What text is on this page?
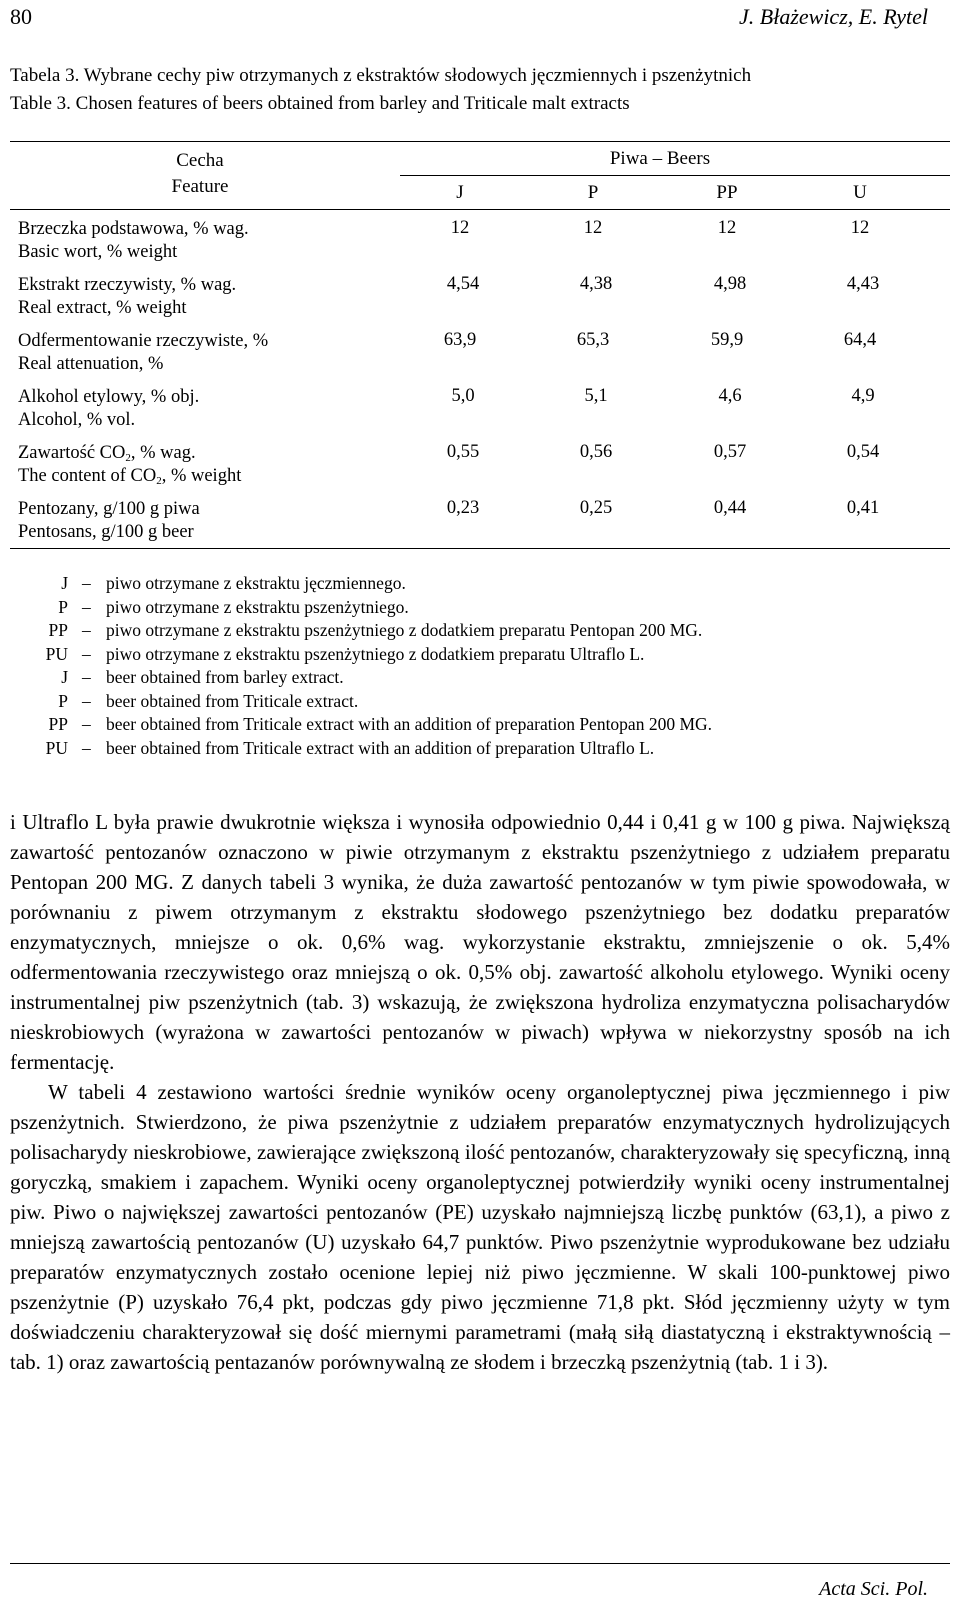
80	J. Błażewicz, E. Rytel
Tabela 3. Wybrane cechy piw otrzymanych z ekstraktów słodowych jęczmiennych i pszenżytnich
Table 3. Chosen features of beers obtained from barley and Triticale malt extracts
Cecha
Feature
Piwa – Beers
J	P	PP	U
Brzeczka podstawowa, % wag.
Basic wort, % weight
12	12	12	12
Ekstrakt rzeczywisty, % wag.
Real extract, % weight
4,54	4,38	4,98	4,43
Odfermentowanie rzeczywiste, %
Real attenuation, %
63,9	65,3	59,9	64,4
Alkohol etylowy, % obj.
Alcohol, % vol.
5,0	5,1	4,6	4,9
Zawartość $CO_2$, % wag.
The content of $CO_2$, % weight
0,55	0,56	0,57	0,54
Pentozany, g/100 g piwa
Pentosans, g/100 g beer
0,23	0,25	0,44	0,41
J – piwo otrzymane z ekstraktu jęczmiennego.
P – piwo otrzymane z ekstraktu pszenżytniego.
PP – piwo otrzymane z ekstraktu pszenżytniego z dodatkiem preparatu Pentopan 200 MG.
PU – piwo otrzymane z ekstraktu pszenżytniego z dodatkiem preparatu Ultraflo L.
J – beer obtained from barley extract.
P – beer obtained from Triticale extract.
PP – beer obtained from Triticale extract with an addition of preparation Pentopan 200 MG.
PU – beer obtained from Triticale extract with an addition of preparation Ultraflo L.

i Ultraflo L była prawie dwukrotnie większa i wynosiła odpowiednio 0,44 i 0,41 g w 100 g piwa. Największą zawartość pentozanów oznaczono w piwie otrzymanym z ekstraktu pszenżytniego z udziałem preparatu Pentopan 200 MG. Z danych tabeli 3 wynika, że duża zawartość pentozanów w tym piwie spowodowała, w porównaniu z piwem otrzymanym z ekstraktu słodowego pszenżytniego bez dodatku preparatów enzymatycznych, mniejsze o ok. 0,6% wag. wykorzystanie ekstraktu, zmniejszenie o ok. 5,4% odfermentowania rzeczywistego oraz mniejszą o ok. 0,5% obj. zawartość alkoholu etylowego. Wyniki oceny instrumentalnej piw pszenżytnich (tab. 3) wskazują, że zwiększona hydroliza enzymatyczna polisacharydów nieskrobiowych (wyrażona w zawartości pentozanów w piwach) wpływa w niekorzystny sposób na ich fermentację.

W tabeli 4 zestawiono wartości średnie wyników oceny organoleptycznej piwa jęczmiennego i piw pszenżytnich. Stwierdzono, że piwa pszenżytnie z udziałem preparatów enzymatycznych hydrolizujących polisacharydy nieskrobiowe, zawierające zwiększoną ilość pentozanów, charakteryzowały się specyficzną, inną goryczką, smakiem i zapachem. Wyniki oceny organoleptycznej potwierdziły wyniki oceny instrumentalnej piw. Piwo o największej zawartości pentozanów (PE) uzyskało najmniejszą liczbę punktów (63,1), a piwo z mniejszą zawartością pentozanów (U) uzyskało 64,7 punktów. Piwo pszenżytnie wyprodukowane bez udziału preparatów enzymatycznych zostało ocenione lepiej niż piwo jęczmienne. W skali 100-punktowej piwo pszenżytnie (P) uzyskało 76,4 pkt, podczas gdy piwo jęczmienne 71,8 pkt. Słód jęczmienny użyty w tym doświadczeniu charakteryzował się dość miernymi parametrami (małą siłą diastatyczną i ekstraktywnością – tab. 1) oraz zawartością pentazanów porównywalną ze słodem i brzeczką pszenżytnią (tab. 1 i 3).

Acta Sci. Pol.
